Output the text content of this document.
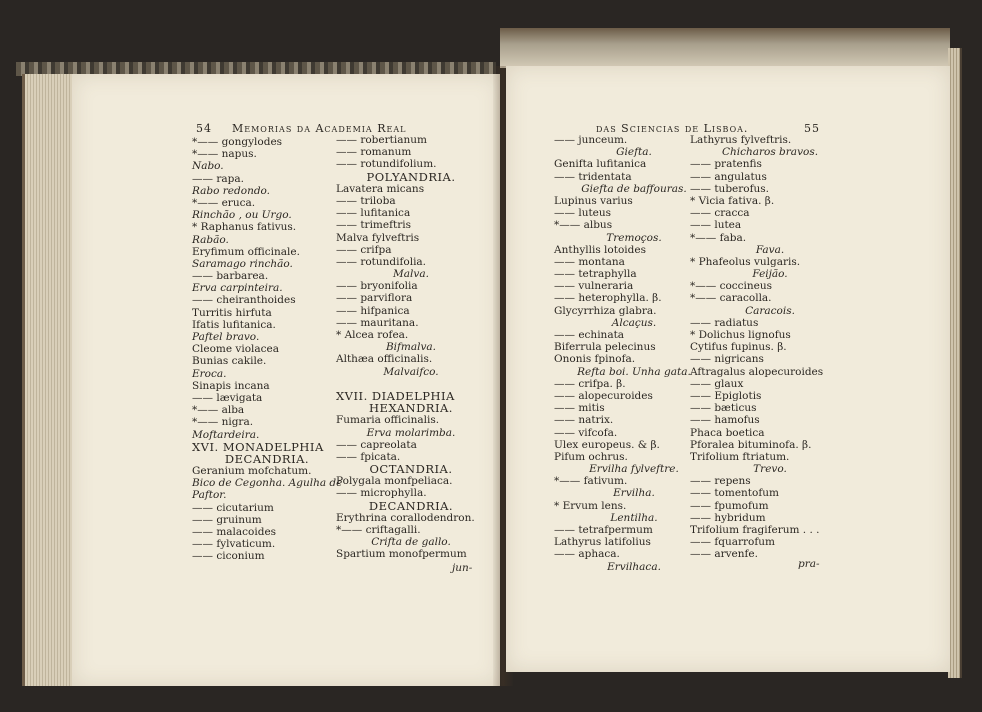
54 Memorias da Academia Real
*—— gongylodes
*—— napus.
Nabo.
—— rapa.
Rabo redondo.
*—— eruca.
Rinchão , ou Urgo.
* Raphanus fativus.
Rabão.
Eryfimum officinale.
Saramago rinchão.
—— barbarea.
Erva carpinteira.
—— cheiranthoides
Turritis hirfuta
Ifatis lufitanica.
Paftel bravo.
Cleome violacea
Bunias cakile.
Eroca.
Sinapis incana
—— lævigata
*—— alba
*—— nigra.
Moftardeira.
XVI. MONADELPHIA
DECANDRIA.
Geranium mofchatum.
Bico de Cegonha. Agulha de
Paftor.
—— cicutarium
—— gruinum
—— malacoides
—— fylvaticum.
—— ciconium
—— robertianum
—— romanum
—— rotundifolium.
POLYANDRIA.
Lavatera micans
—— triloba
—— lufitanica
—— trimeftris
Malva fylveftris
—— crifpa
—— rotundifolia.
Malva.
—— bryonifolia
—— parviflora
—— hifpanica
—— mauritana.
* Alcea rofea.
Bifmalva.
Althæa officinalis.
Malvaifco.
XVII. DIADELPHIA
HEXANDRIA.
Fumaria officinalis.
Erva molarimba.
—— capreolata
—— fpicata.
OCTANDRIA.
Polygala monfpeliaca.
—— microphylla.
DECANDRIA.
Erythrina corallodendron.
*—— criftagalli.
Crifta de gallo.
Spartium monofpermum
jun-
das Sciencias de Lisboa.	55
—— junceum.
Giefta.
Genifta lufitanica
—— tridentata
Giefta de baffouras.
Lupinus varius
—— luteus
*—— albus
Tremoços.
Anthyllis lotoides
—— montana
—— tetraphylla
—— vulneraria
—— heterophylla. β.
Glycyrrhiza glabra.
Alcaçus.
—— echinata
Biferrula pelecinus
Ononis fpinofa.
Refta boi. Unha gata.
—— crifpa. β.
—— alopecuroides
—— mitis
—— natrix.
—— vifcofa.
Ulex europeus. & β.
Pifum ochrus.
Ervilha fylveftre.
*—— fativum.
Ervilha.
* Ervum lens.
Lentilha.
—— tetrafpermum
Lathyrus latifolius
—— aphaca.
Ervilhaca.
Lathyrus fylveftris.
Chicharos bravos.
—— pratenfis
—— angulatus
—— tuberofus.
* Vicia fativa. β.
—— cracca
—— lutea
*—— faba.
Fava.
* Phafeolus vulgaris.
Feijão.
*—— coccineus
*—— caracolla.
Caracois.
—— radiatus
* Dolichus lignofus
Cytifus fupinus. β.
—— nigricans
Aftragalus alopecuroides
—— glaux
—— Epiglotis
—— bæticus
—— hamofus
Phaca boetica
Pforalea bituminofa. β.
Trifolium ftriatum.
Trevo.
—— repens
—— tomentofum
—— fpumofum
—— hybridum
Trifolium fragiferum . . .
—— fquarrofum
—— arvenfe.
pra-
